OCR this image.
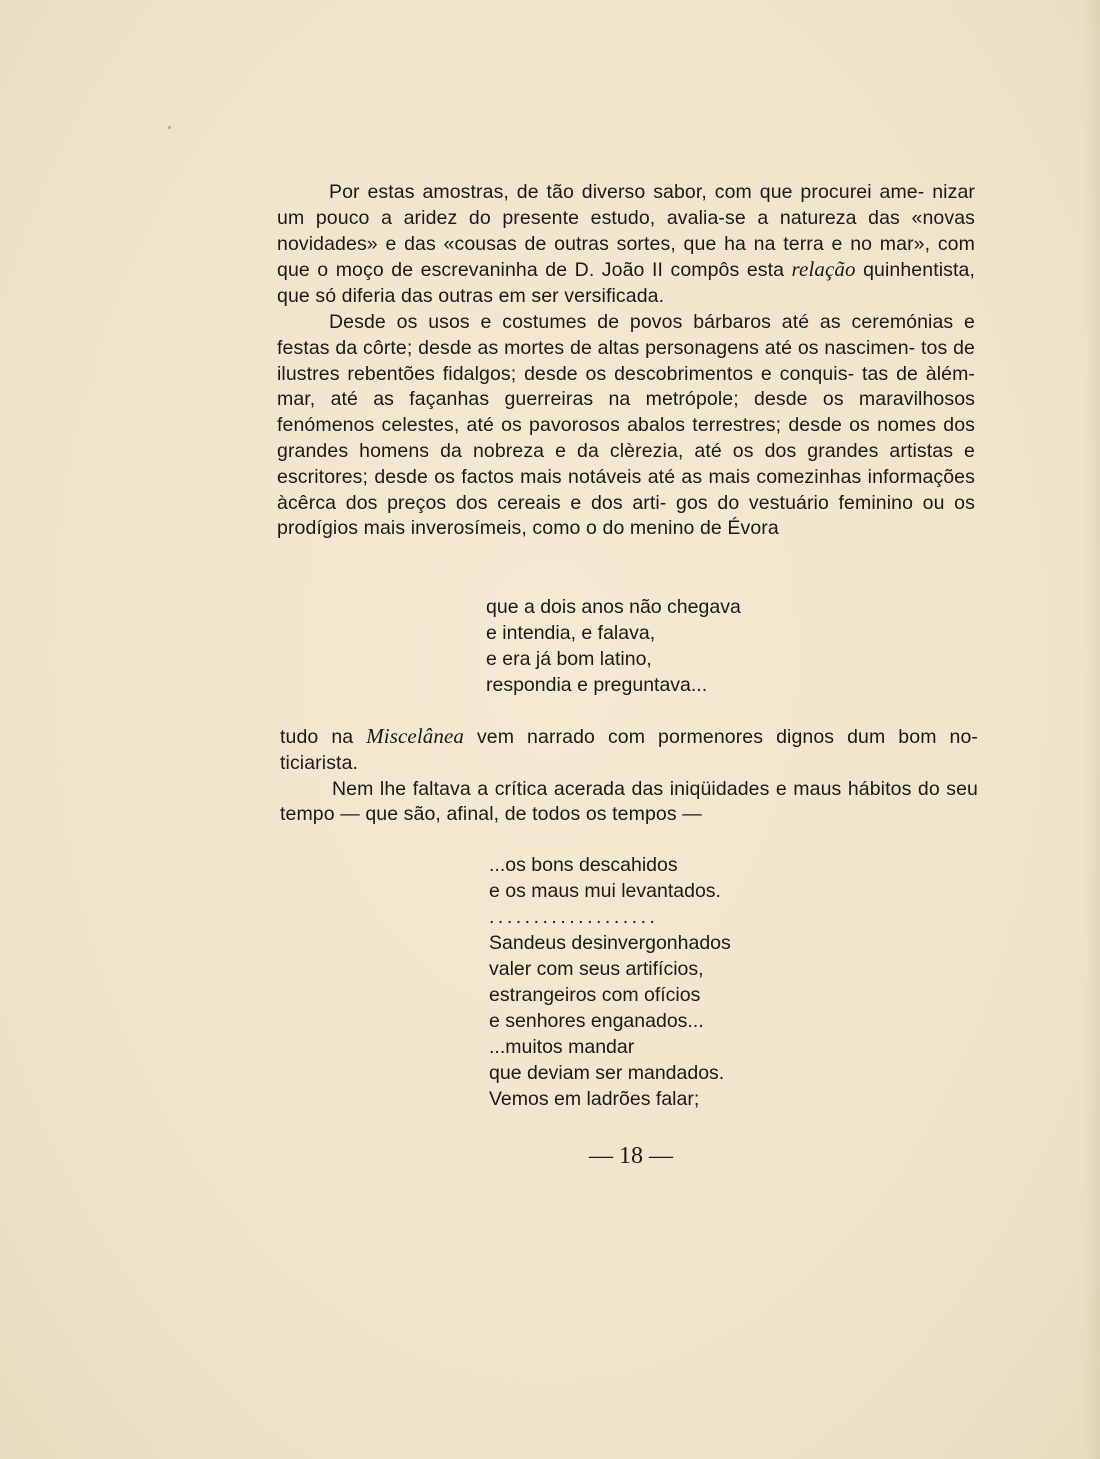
Por estas amostras, de tão diverso sabor, com que procurei ame- nizar um pouco a aridez do presente estudo, avalia-se a natureza das «novas novidades» e das «cousas de outras sortes, que ha na terra e no mar», com que o moço de escrevaninha de D. João II compôs esta relação quinhentista, que só diferia das outras em ser versificada.

Desde os usos e costumes de povos bárbaros até as ceremónias e festas da côrte; desde as mortes de altas personagens até os nascimen- tos de ilustres rebentões fidalgos; desde os descobrimentos e conquis- tas de àlém-mar, até as façanhas guerreiras na metrópole; desde os maravilhosos fenómenos celestes, até os pavorosos abalos terrestres; desde os nomes dos grandes homens da nobreza e da clèrezia, até os dos grandes artistas e escritores; desde os factos mais notáveis até as mais comezinhas informações àcêrca dos preços dos cereais e dos arti- gos do vestuário feminino ou os prodígios mais inverosímeis, como o do menino de Évora

que a dois anos não chegava
e intendia, e falava,
e era já bom latino,
respondia e preguntava...

tudo na Miscelânea vem narrado com pormenores dignos dum bom no- ticiarista.

Nem lhe faltava a crítica acerada das iniqüidades e maus hábitos do seu tempo — que são, afinal, de todos os tempos —

...os bons descahidos
e os maus mui levantados.
...................
Sandeus desinvergonhados
valer com seus artifícios,
estrangeiros com ofícios
e senhores enganados...
...muitos mandar
que deviam ser mandados.
Vemos em ladrões falar;
— 18 —
